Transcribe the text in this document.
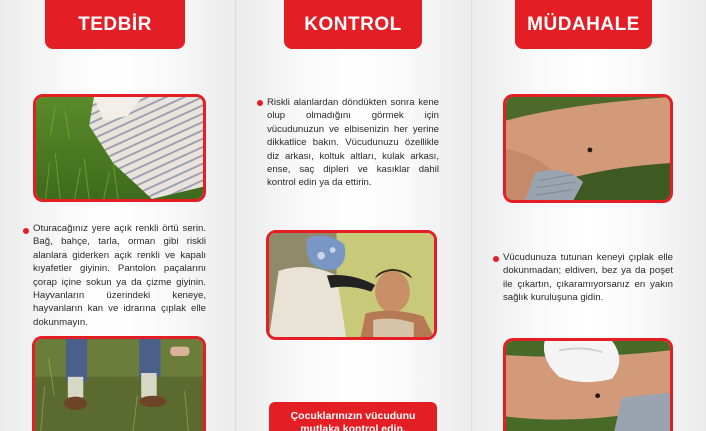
TEDBİR	KONTROL	MÜDAHALE
Oturacağınız yere açık renkli örtü serin. Bağ, bahçe, tarla, orman gibi riskli alanlara giderken açık renkli ve kapalı kıyafetler giyinin. Pantolon paçalarını çorap içine sokun ya da çizme giyinin. Hayvanların üzerindeki keneye, hayvanların kan ve idrarına çıplak elle dokunmayın.
Riskli alanlardan döndükten sonra kene olup olmadığını görmek için vücudunuzun ve elbisenizin her yerine dikkatlice bakın. Vücudunuzu özellikle diz arkası, koltuk altları, kulak arkası, ense, saç dipleri ve kasıklar dahil kontrol edin ya da ettirin.
Çocuklarınızın vücudunu
mutlaka kontrol edin.
Vücudunuza tutunan keneyi çıplak elle dokunmadan; eldiven, bez ya da poşet ile çıkartın, çıkaramıyorsanız en yakın sağlık kuruluşuna gidin.
